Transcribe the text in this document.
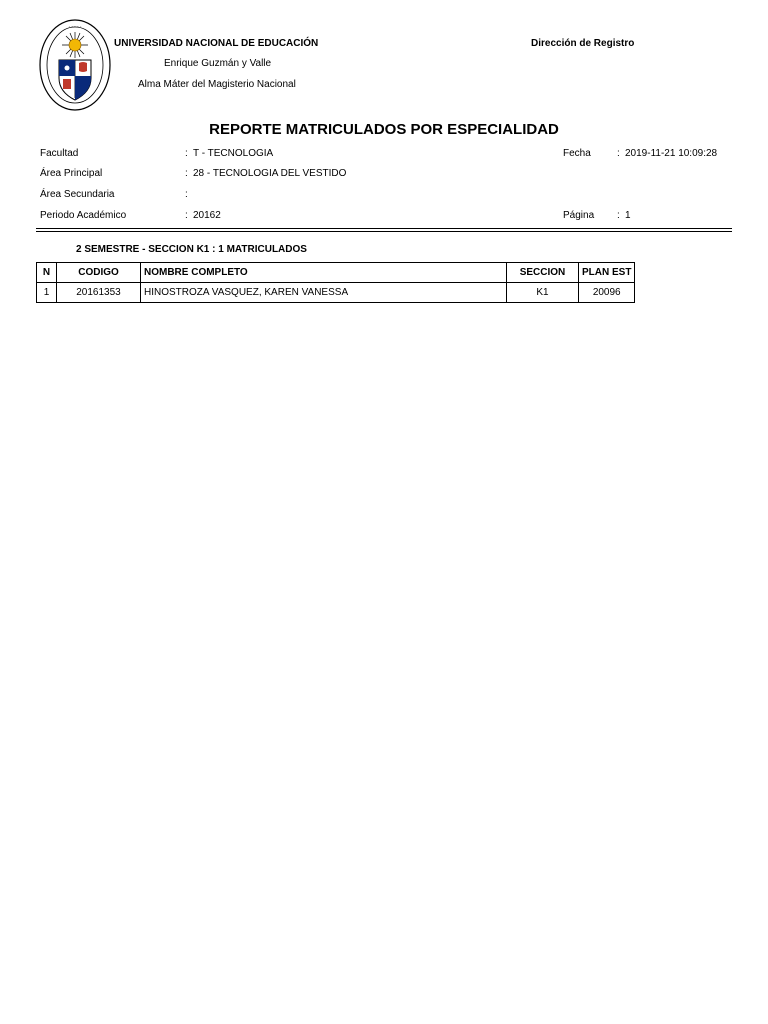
· · · · ·
UNIVERSIDAD NACIONAL DE EDUCACIÓN
Enrique Guzmán y Valle
Alma Máter del Magisterio Nacional
Dirección de Registro
REPORTE MATRICULADOS POR ESPECIALIDAD
Facultad	: T - TECNOLOGIA
Área Principal	: 28 - TECNOLOGIA DEL VESTIDO
Área Secundaria	:
Periodo Académico	: 20162
Fecha	: 2019-11-21 10:09:28
Página : 1
2 SEMESTRE - SECCION K1 : 1 MATRICULADOS
N	CODIGO	NOMBRE COMPLETO	SECCION	PLAN EST
1	20161353	HINOSTROZA VASQUEZ, KAREN VANESSA	K1	20096
